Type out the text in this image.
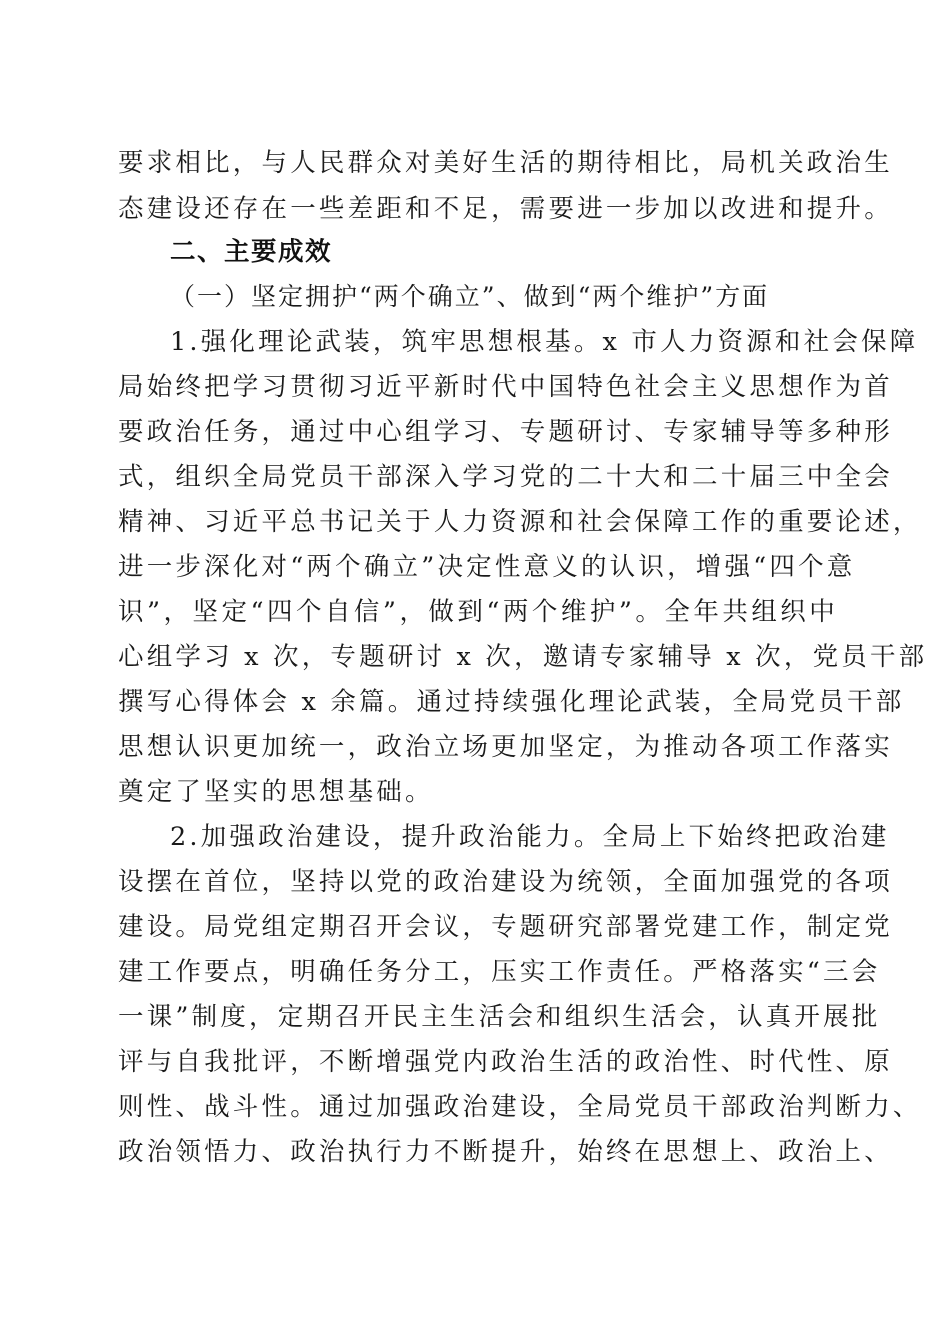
要求相比，与人民群众对美好生活的期待相比，局机关政治生
态建设还存在一些差距和不足，需要进一步加以改进和提升。
二、主要成效
（一）坚定拥护“两个确立”、做到“两个维护”方面
1.强化理论武装，筑牢思想根基。x 市人力资源和社会保障
局始终把学习贯彻习近平新时代中国特色社会主义思想作为首
要政治任务，通过中心组学习、专题研讨、专家辅导等多种形
式，组织全局党员干部深入学习党的二十大和二十届三中全会
精神、习近平总书记关于人力资源和社会保障工作的重要论述，
进一步深化对“两个确立”决定性意义的认识，增强“四个意
识”，坚定“四个自信”，做到“两个维护”。全年共组织中
心组学习 x 次，专题研讨 x 次，邀请专家辅导 x 次，党员干部
撰写心得体会 x 余篇。通过持续强化理论武装，全局党员干部
思想认识更加统一，政治立场更加坚定，为推动各项工作落实
奠定了坚实的思想基础。
2.加强政治建设，提升政治能力。全局上下始终把政治建
设摆在首位，坚持以党的政治建设为统领，全面加强党的各项
建设。局党组定期召开会议，专题研究部署党建工作，制定党
建工作要点，明确任务分工，压实工作责任。严格落实“三会
一课”制度，定期召开民主生活会和组织生活会，认真开展批
评与自我批评，不断增强党内政治生活的政治性、时代性、原
则性、战斗性。通过加强政治建设，全局党员干部政治判断力、
政治领悟力、政治执行力不断提升，始终在思想上、政治上、
